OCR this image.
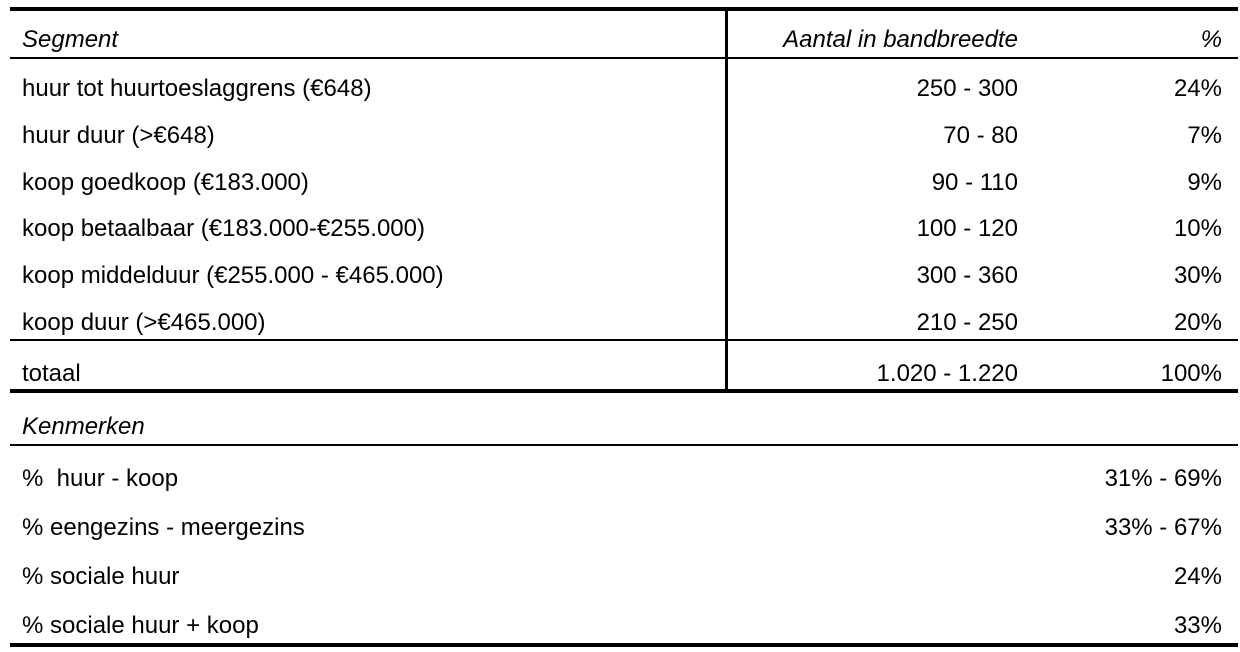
Segment	Aantal in bandbreedte	%
huur tot huurtoeslaggrens (€648)	250 - 300	24%
huur duur (>€648)	70 - 80	7%
koop goedkoop (€183.000)	90 - 110	9%
koop betaalbaar (€183.000-€255.000)	100 - 120	10%
koop middelduur (€255.000 - €465.000)	300 - 360	30%
koop duur (>€465.000)	210 - 250	20%
totaal	1.020 - 1.220	100%
Kenmerken
%  huur - koop	31% - 69%
% eengezins - meergezins	33% - 67%
% sociale huur	24%
% sociale huur + koop	33%
